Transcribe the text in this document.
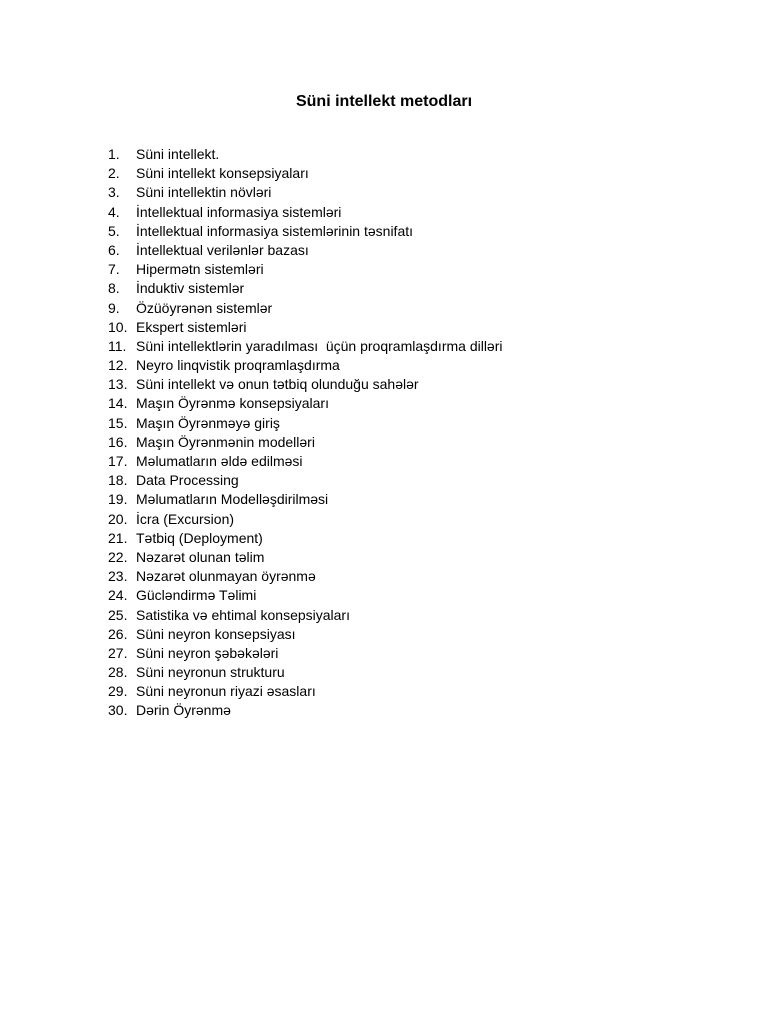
Süni intellekt metodları
1.	Süni intellekt.
2.	Süni intellekt konsepsiyaları
3.	Süni intellektin növləri
4.	İntellektual informasiya sistemləri
5.	İntellektual informasiya sistemlərinin təsnifatı
6.	İntellektual verilənlər bazası
7.	Hipermətn sistemləri
8.	İnduktiv sistemlər
9.	Özüöyrənən sistemlər
10. Ekspert sistemləri
11. Süni intellektlərin yaradılması  üçün proqramlaşdırma dilləri
12. Neyro linqvistik proqramlaşdırma
13. Süni intellekt və onun tətbiq olunduğu sahələr
14. Maşın Öyrənmə konsepsiyaları
15. Maşın Öyrənməyə giriş
16. Maşın Öyrənmənin modelləri
17. Məlumatların əldə edilməsi
18. Data Processing
19. Məlumatların Modelləşdirilməsi
20. İcra (Excursion)
21. Tətbiq (Deployment)
22. Nəzarət olunan təlim
23. Nəzarət olunmayan öyrənmə
24. Gücləndirmə Təlimi
25. Satistika və ehtimal konsepsiyaları
26. Süni neyron konsepsiyası
27. Süni neyron şəbəkələri
28. Süni neyronun strukturu
29. Süni neyronun riyazi əsasları
30. Dərin Öyrənmə
